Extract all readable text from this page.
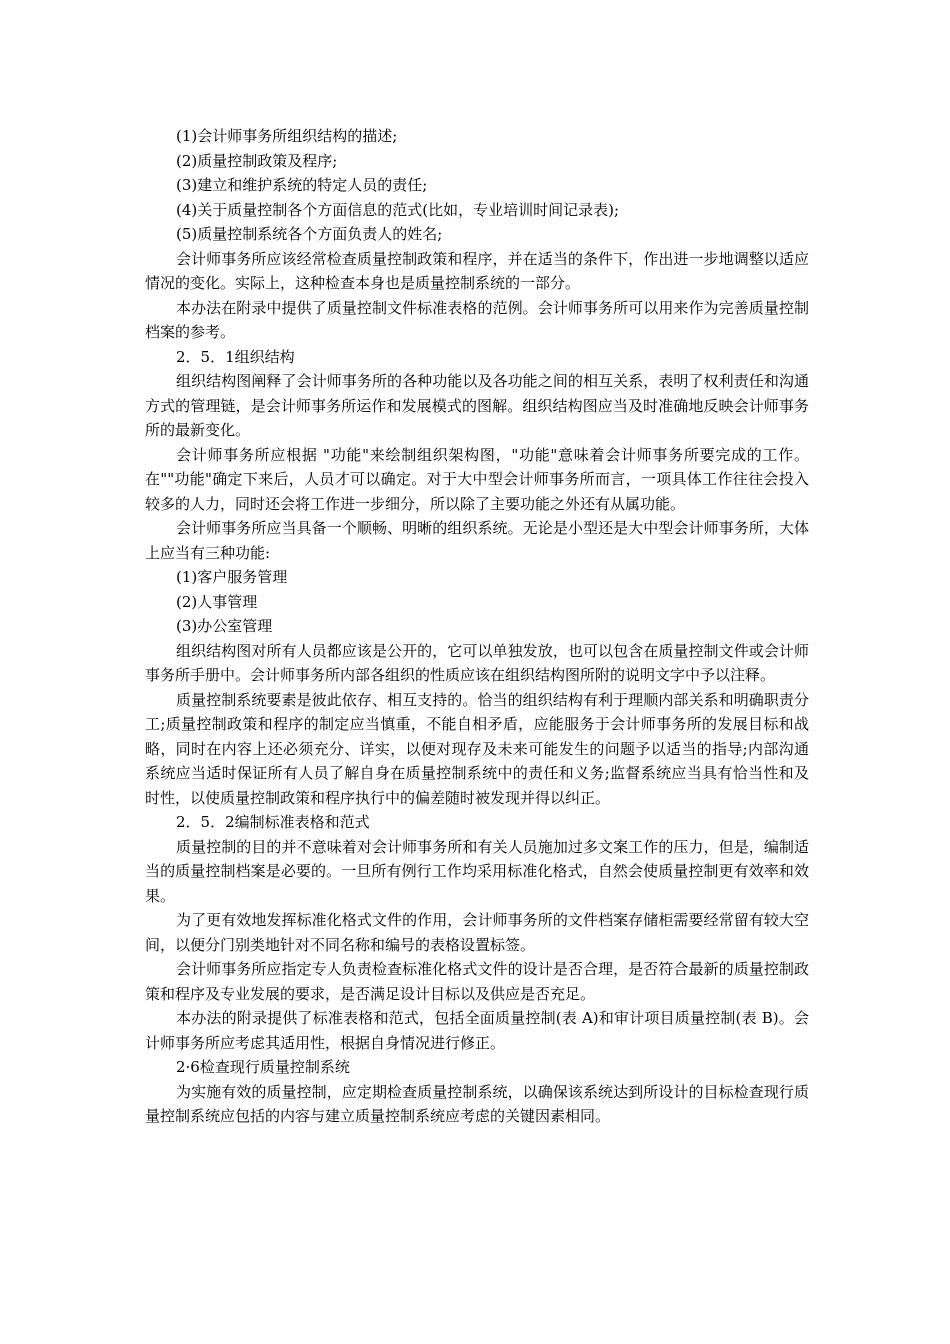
(1)会计师事务所组织结构的描述;

(2)质量控制政策及程序;

(3)建立和维护系统的特定人员的责任;

(4)关于质量控制各个方面信息的范式(比如，专业培训时间记录表);

(5)质量控制系统各个方面负责人的姓名;

会计师事务所应该经常检查质量控制政策和程序，并在适当的条件下，作出进一步地调整以适应情况的变化。实际上，这种检查本身也是质量控制系统的一部分。

本办法在附录中提供了质量控制文件标准表格的范例。会计师事务所可以用来作为完善质量控制档案的参考。

2．5．1组织结构

组织结构图阐释了会计师事务所的各种功能以及各功能之间的相互关系，表明了权利责任和沟通方式的管理链，是会计师事务所运作和发展模式的图解。组织结构图应当及时准确地反映会计师事务所的最新变化。

会计师事务所应根据 "功能"来绘制组织架构图，"功能"意味着会计师事务所要完成的工作。在""功能"确定下来后，人员才可以确定。对于大中型会计师事务所而言，一项具体工作往往会投入较多的人力，同时还会将工作进一步细分，所以除了主要功能之外还有从属功能。

会计师事务所应当具备一个顺畅、明晰的组织系统。无论是小型还是大中型会计师事务所，大体上应当有三种功能:

(1)客户服务管理

(2)人事管理

(3)办公室管理

组织结构图对所有人员都应该是公开的，它可以单独发放，也可以包含在质量控制文件或会计师事务所手册中。会计师事务所内部各组织的性质应该在组织结构图所附的说明文字中予以注释。

质量控制系统要素是彼此依存、相互支持的。恰当的组织结构有利于理顺内部关系和明确职责分工;质量控制政策和程序的制定应当慎重，不能自相矛盾，应能服务于会计师事务所的发展目标和战略，同时在内容上还必须充分、详实，以便对现存及未来可能发生的问题予以适当的指导;内部沟通系统应当适时保证所有人员了解自身在质量控制系统中的责任和义务;监督系统应当具有恰当性和及时性，以使质量控制政策和程序执行中的偏差随时被发现并得以纠正。

2．5．2编制标准表格和范式

质量控制的目的并不意味着对会计师事务所和有关人员施加过多文案工作的压力，但是，编制适当的质量控制档案是必要的。一旦所有例行工作均采用标准化格式，自然会使质量控制更有效率和效果。

为了更有效地发挥标准化格式文件的作用，会计师事务所的文件档案存储柜需要经常留有较大空间，以便分门别类地针对不同名称和编号的表格设置标签。

会计师事务所应指定专人负责检查标准化格式文件的设计是否合理，是否符合最新的质量控制政策和程序及专业发展的要求，是否满足设计目标以及供应是否充足。

本办法的附录提供了标准表格和范式，包括全面质量控制(表 A)和审计项目质量控制(表 B)。会计师事务所应考虑其适用性，根据自身情况进行修正。

2·6检查现行质量控制系统

为实施有效的质量控制，应定期检查质量控制系统，以确保该系统达到所设计的目标检查现行质量控制系统应包括的内容与建立质量控制系统应考虑的关键因素相同。
